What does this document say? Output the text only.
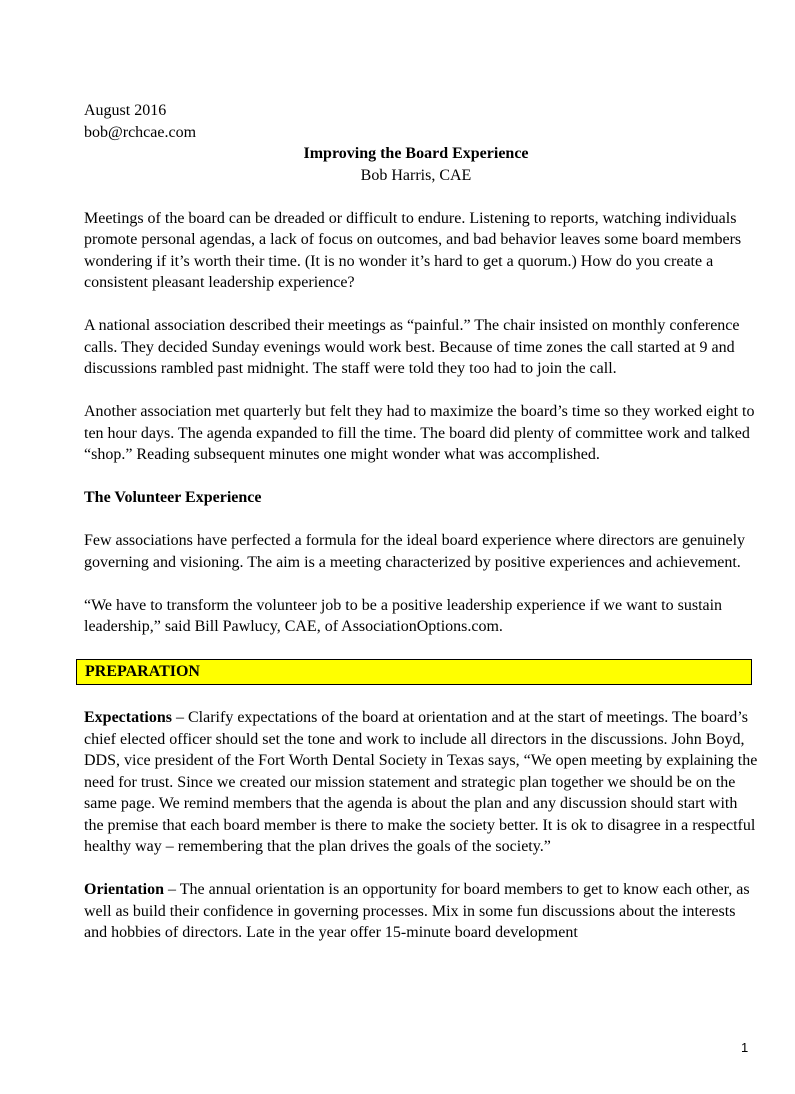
August 2016
bob@rchcae.com
Improving the Board Experience
Bob Harris, CAE

Meetings of the board can be dreaded or difficult to endure. Listening to reports, watching individuals promote personal agendas, a lack of focus on outcomes, and bad behavior leaves some board members wondering if it’s worth their time. (It is no wonder it’s hard to get a quorum.) How do you create a consistent pleasant leadership experience?

A national association described their meetings as “painful.” The chair insisted on monthly conference calls. They decided Sunday evenings would work best. Because of time zones the call started at 9 and discussions rambled past midnight. The staff were told they too had to join the call.

Another association met quarterly but felt they had to maximize the board’s time so they worked eight to ten hour days. The agenda expanded to fill the time. The board did plenty of committee work and talked “shop.” Reading subsequent minutes one might wonder what was accomplished.

The Volunteer Experience

Few associations have perfected a formula for the ideal board experience where directors are genuinely governing and visioning. The aim is a meeting characterized by positive experiences and achievement.

“We have to transform the volunteer job to be a positive leadership experience if we want to sustain leadership,” said Bill Pawlucy, CAE, of AssociationOptions.com.

PREPARATION

Expectations – Clarify expectations of the board at orientation and at the start of meetings. The board’s chief elected officer should set the tone and work to include all directors in the discussions. John Boyd, DDS, vice president of the Fort Worth Dental Society in Texas says, “We open meeting by explaining the need for trust. Since we created our mission statement and strategic plan together we should be on the same page. We remind members that the agenda is about the plan and any discussion should start with the premise that each board member is there to make the society better. It is ok to disagree in a respectful healthy way – remembering that the plan drives the goals of the society.”

Orientation – The annual orientation is an opportunity for board members to get to know each other, as well as build their confidence in governing processes. Mix in some fun discussions about the interests and hobbies of directors. Late in the year offer 15-minute board development

1
